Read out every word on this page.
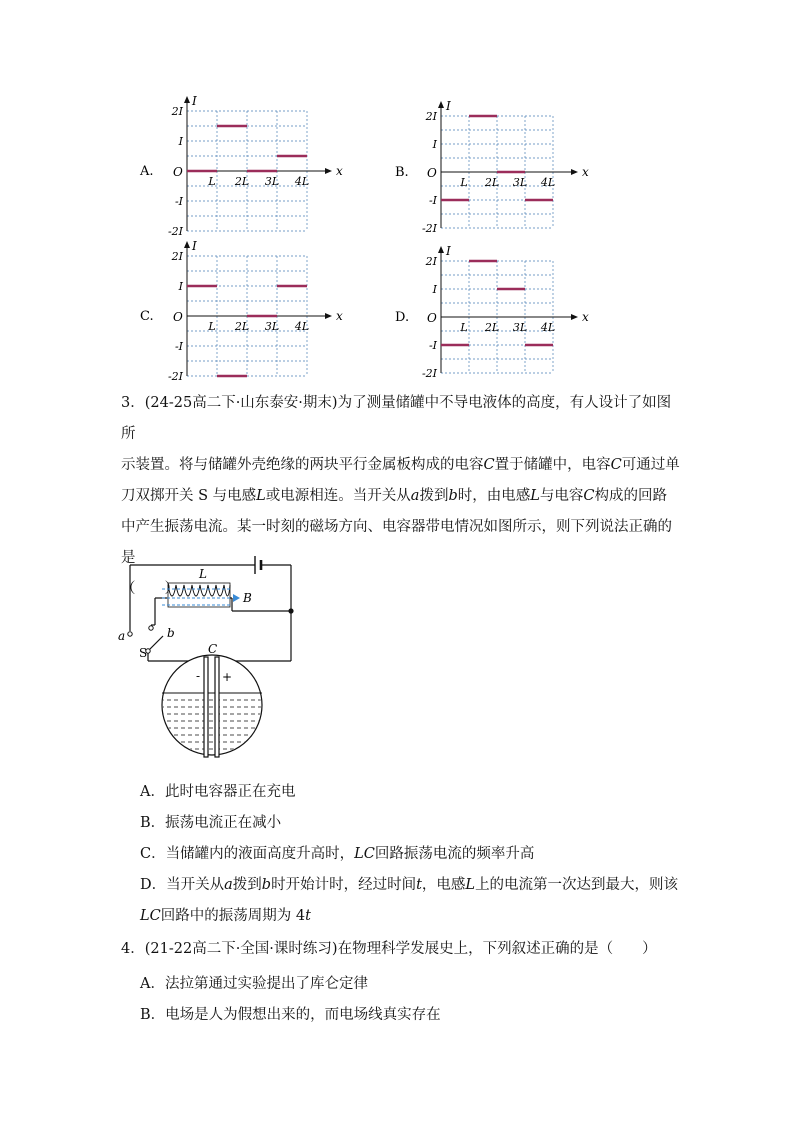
A.
I
x
O
2I
I
-I
-2I
L 2L 3L 4L
B.
I
x
O
2I
I
-I
-2I
L 2L 3L 4L
C.
I
x
O
2I
I
-I
-2I
L 2L 3L 4L
D.
I
x
O
2I
I
-I
-2I
L 2L 3L 4L
3．(24-25高二下·山东泰安·期末)为了测量储罐中不导电液体的高度，有人设计了如图所
示装置。将与储罐外壳绝缘的两块平行金属板构成的电容C置于储罐中，电容C可通过单
刀双掷开关 S 与电感L或电源相连。当开关从a拨到b时，由电感L与电容C构成的回路
中产生振荡电流。某一时刻的磁场方向、电容器带电情况如图所示，则下列说法正确的是
（　　）
L
B
a	b
S	C
- +
A．此时电容器正在充电
B．振荡电流正在减小
C．当储罐内的液面高度升高时，LC回路振荡电流的频率升高
D．当开关从a拨到b时开始计时，经过时间t，电感L上的电流第一次达到最大，则该
LC回路中的振荡周期为 4t
4．(21-22高二下·全国·课时练习)在物理科学发展史上，下列叙述正确的是（　　）
A．法拉第通过实验提出了库仑定律
B．电场是人为假想出来的，而电场线真实存在
